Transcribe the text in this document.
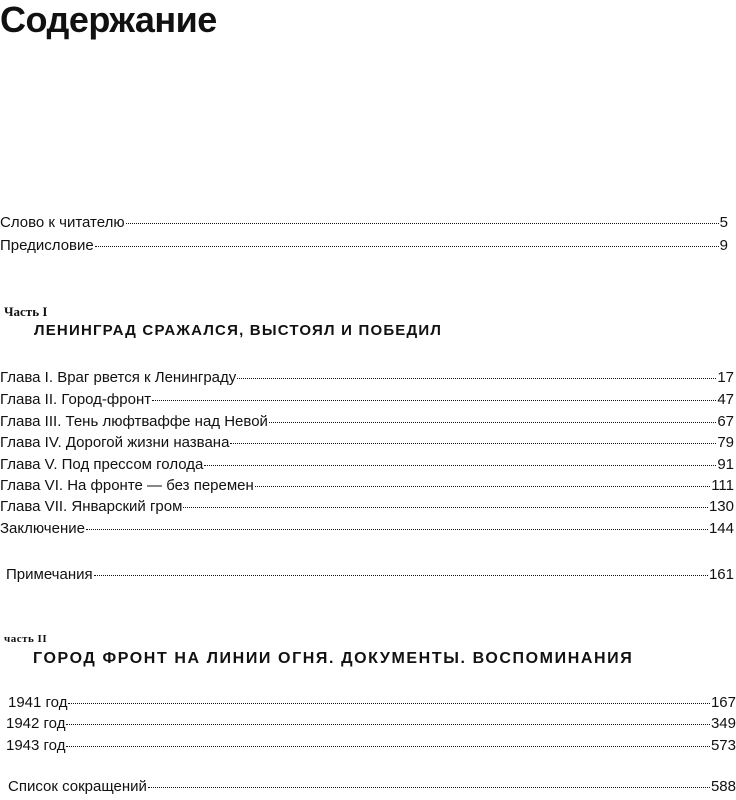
Содержание
Слово к читателю	5
Предисловие	9
Часть I
ЛЕНИНГРАД СРАЖАЛСЯ, ВЫСТОЯЛ И ПОБЕДИЛ
Глава I. Враг рвется к Ленинграду	17
Глава II. Город-фронт	47
Глава III. Тень люфтваффе над Невой	67
Глава IV. Дорогой жизни названа	79
Глава V. Под прессом голода	91
Глава VI. На фронте — без перемен	111
Глава VII. Январский гром	130
Заключение	144
Примечания	161
часть II
ГОРОД ФРОНТ НА ЛИНИИ ОГНЯ. ДОКУМЕНТЫ. ВОСПОМИНАНИЯ
1941 год	167
1942 год	349
1943 год	573
Список сокращений	588
